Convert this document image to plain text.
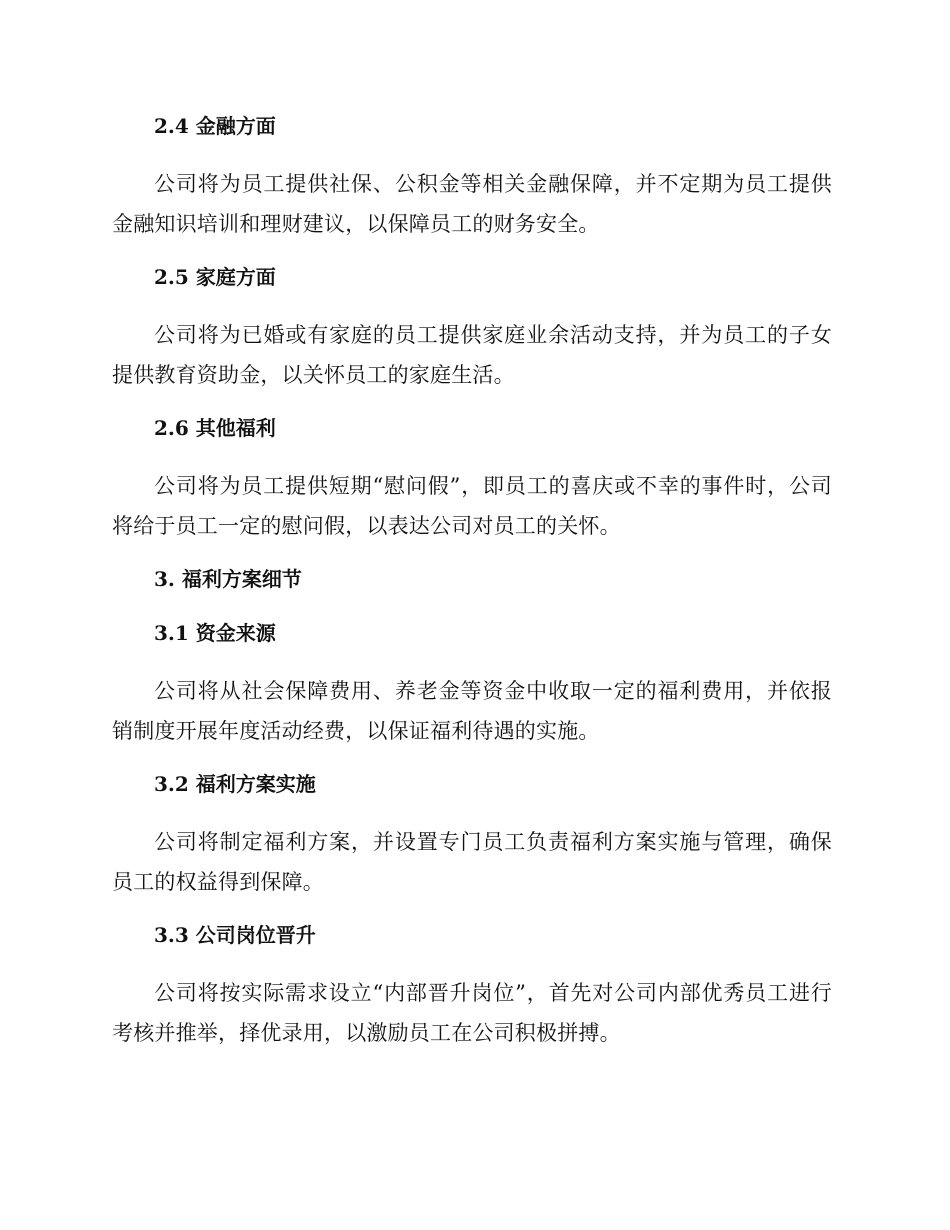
2.4 金融方面

公司将为员工提供社保、公积金等相关金融保障，并不定期为员工提供金融知识培训和理财建议，以保障员工的财务安全。

2.5 家庭方面

公司将为已婚或有家庭的员工提供家庭业余活动支持，并为员工的子女提供教育资助金，以关怀员工的家庭生活。

2.6 其他福利

公司将为员工提供短期“慰问假”，即员工的喜庆或不幸的事件时，公司将给于员工一定的慰问假，以表达公司对员工的关怀。

3. 福利方案细节
3.1 资金来源

公司将从社会保障费用、养老金等资金中收取一定的福利费用，并依报销制度开展年度活动经费，以保证福利待遇的实施。

3.2 福利方案实施

公司将制定福利方案，并设置专门员工负责福利方案实施与管理，确保员工的权益得到保障。

3.3 公司岗位晋升

公司将按实际需求设立“内部晋升岗位”，首先对公司内部优秀员工进行考核并推举，择优录用，以激励员工在公司积极拼搏。
